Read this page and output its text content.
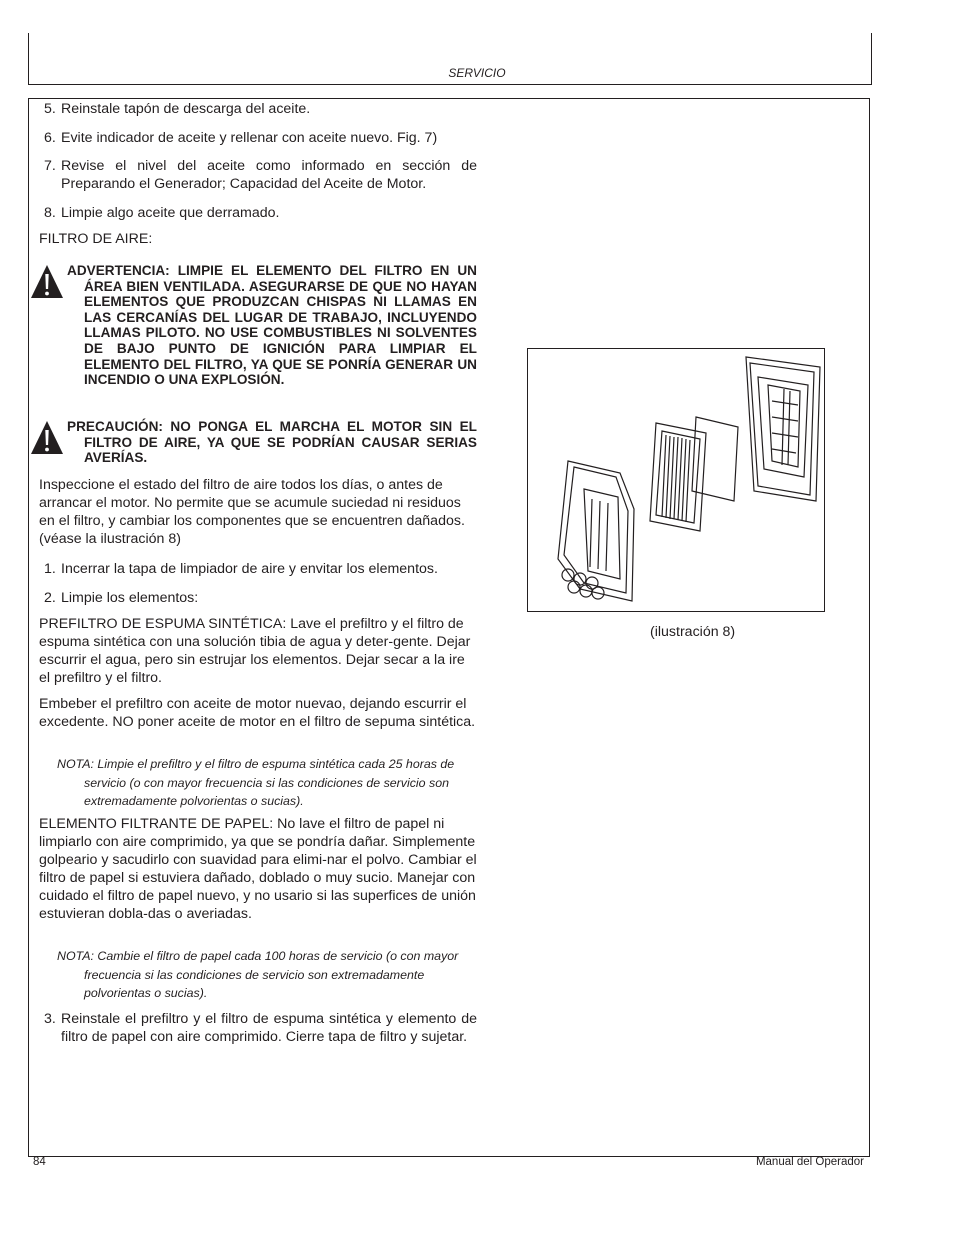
SERVICIO
5. Reinstale tapón de descarga del aceite.
6. Evite indicador de aceite y rellenar con aceite nuevo. Fig. 7)
7. Revise el nivel del aceite como informado en sección de Preparando el Generador; Capacidad del Aceite de Motor.
8. Limpie algo aceite que derramado.
FILTRO DE AIRE:
ADVERTENCIA: LIMPIE EL ELEMENTO DEL FILTRO EN UN ÁREA BIEN VENTILADA. ASEGURARSE DE QUE NO HAYAN ELEMENTOS QUE PRODUZCAN CHISPAS NI LLAMAS EN LAS CERCANÍAS DEL LUGAR DE TRABAJO, INCLUYENDO LLAMAS PILOTO. NO USE COMBUSTIBLES NI SOLVENTES DE BAJO PUNTO DE IGNICIÓN PARA LIMPIAR EL ELEMENTO DEL FILTRO, YA QUE SE PONRÍA GENERAR UN INCENDIO O UNA EXPLOSIÓN.
PRECAUCIÓN: NO PONGA EL MARCHA EL MOTOR SIN EL FILTRO DE AIRE, YA QUE SE PODRÍAN CAUSAR SERIAS AVERÍAS.
Inspeccione el estado del filtro de aire todos los días, o antes de arrancar el motor. No permite que se acumule suciedad ni residuos en el filtro, y cambiar los componentes que se encuentren dañados. (véase la ilustración 8)
1. Incerrar la tapa de limpiador de aire y envitar los elementos.
2. Limpie los elementos:
PREFILTRO DE ESPUMA SINTÉTICA: Lave el prefiltro y el filtro de espuma sintética con una solución tibia de agua y deter-gente. Dejar escurrir el agua, pero sin estrujar los elementos. Dejar secar a la ire el prefiltro y el filtro.
Embeber el prefiltro con aceite de motor nuevao, dejando escurrir el excedente. NO poner aceite de motor en el filtro de sepuma sintética.
NOTA: Limpie el prefiltro y el filtro de espuma sintética cada 25 horas de
servicio (o con mayor frecuencia si las condiciones de servicio son extremadamente polvorientas o sucias).
ELEMENTO FILTRANTE DE PAPEL: No lave el filtro de papel ni limpiarlo con aire comprimido, ya que se pondría dañar. Simplemente golpeario y sacudirlo con suavidad para elimi-nar el polvo. Cambiar el filtro de papel si estuviera dañado, doblado o muy sucio. Manejar con cuidado el filtro de papel nuevo, y no usario si las superfices de unión estuvieran dobla-das o averiadas.
NOTA: Cambie el filtro de papel cada 100 horas de servicio (o con mayor
frecuencia si las condiciones de servicio son extremadamente polvorientas o sucias).
3. Reinstale el prefiltro y el filtro de espuma sintética y elemento de filtro de papel con aire comprimido. Cierre tapa de filtro y sujetar.
(ilustración 8)
84	Manual del Operador
